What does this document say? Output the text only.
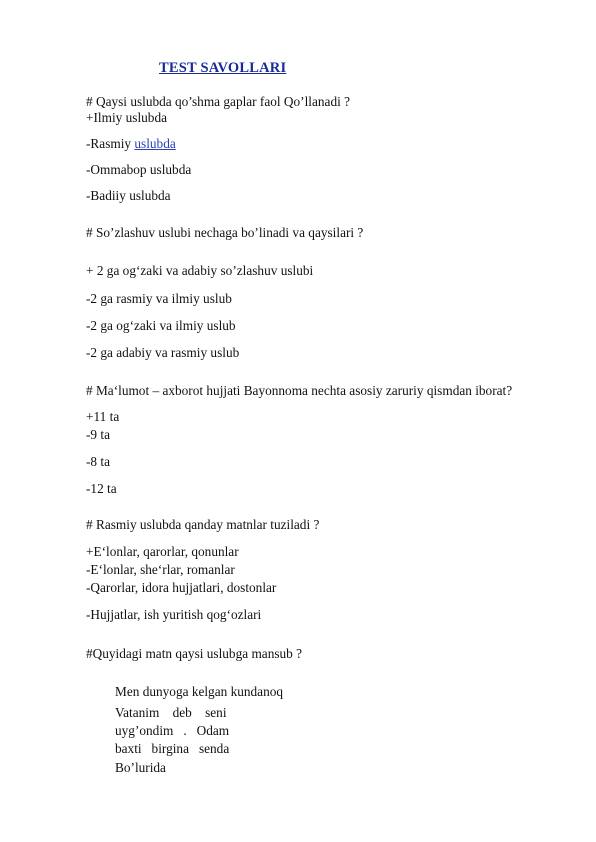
TEST SAVOLLARI
# Qaysi uslubda qo’shma gaplar faol Qo’llanadi ?
+Ilmiy uslubda
-Rasmiy uslubda
-Ommabop uslubda
-Badiiy uslubda
# So’zlashuv uslubi nechaga bo’linadi va qaysilari ?
+ 2 ga og‘zaki va adabiy so’zlashuv uslubi
-2 ga rasmiy va ilmiy uslub
-2 ga og‘zaki va ilmiy uslub
-2 ga adabiy va rasmiy uslub
# Ma‘lumot – axborot hujjati Bayonnoma nechta asosiy zaruriy qismdan iborat?
+11 ta
-9 ta
-8 ta
-12 ta
# Rasmiy uslubda qanday matnlar tuziladi ?
+E‘lonlar, qarorlar, qonunlar
-E‘lonlar, she‘rlar, romanlar
-Qarorlar, idora hujjatlari, dostonlar
-Hujjatlar, ish yuritish qog‘ozlari
#Quyidagi matn qaysi uslubga mansub ?
Men dunyoga kelgan kundanoq
Vatanim    deb    seni
uyg’ondim   .   Odam
baxti   birgina   senda
Bo’lurida
